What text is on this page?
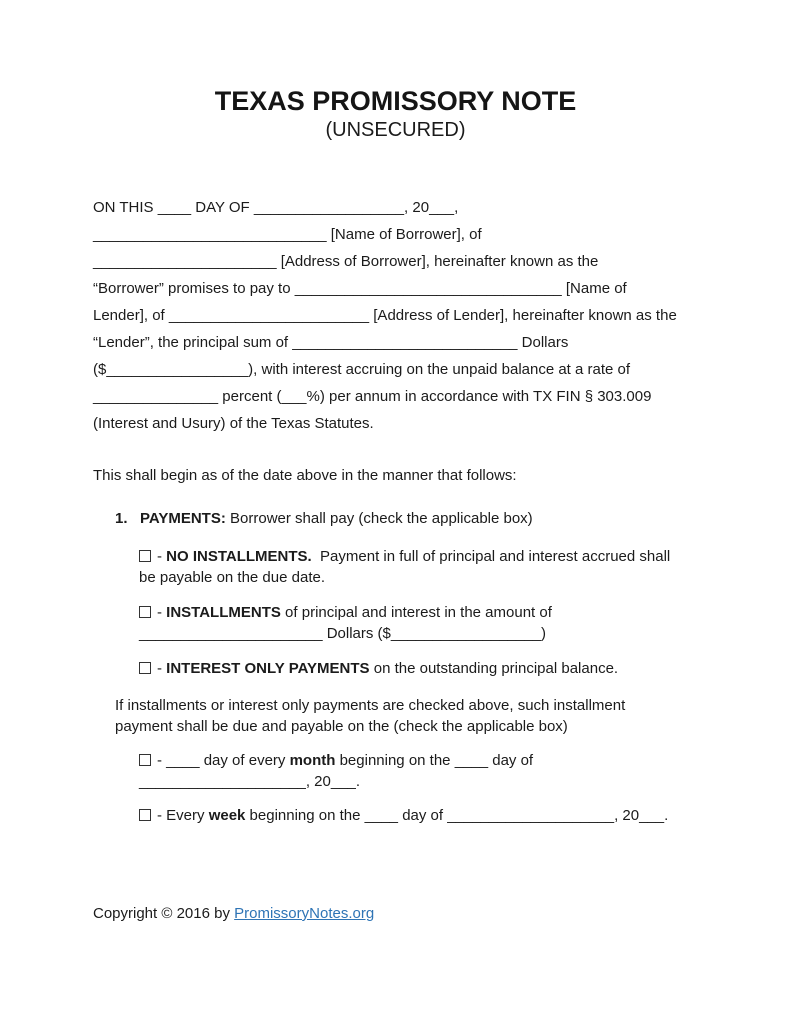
TEXAS PROMISSORY NOTE
(UNSECURED)
ON THIS ____ DAY OF __________________, 20___,
____________________________ [Name of Borrower], of
______________________ [Address of Borrower], hereinafter known as the
“Borrower” promises to pay to ________________________________ [Name of
Lender], of ________________________ [Address of Lender], hereinafter known as the
“Lender”, the principal sum of ___________________________ Dollars
($_________________), with interest accruing on the unpaid balance at a rate of
_______________ percent (___%) per annum in accordance with TX FIN § 303.009
(Interest and Usury) of the Texas Statutes.
This shall begin as of the date above in the manner that follows:
1. PAYMENTS: Borrower shall pay (check the applicable box)
- NO INSTALLMENTS.  Payment in full of principal and interest accrued shall
be payable on the due date.
- INSTALLMENTS of principal and interest in the amount of
______________________ Dollars ($__________________)
- INTEREST ONLY PAYMENTS on the outstanding principal balance.
If installments or interest only payments are checked above, such installment
payment shall be due and payable on the (check the applicable box)
- ____ day of every month beginning on the ____ day of
____________________, 20___.
- Every week beginning on the ____ day of ____________________, 20___.
Copyright © 2016 by PromissoryNotes.org
